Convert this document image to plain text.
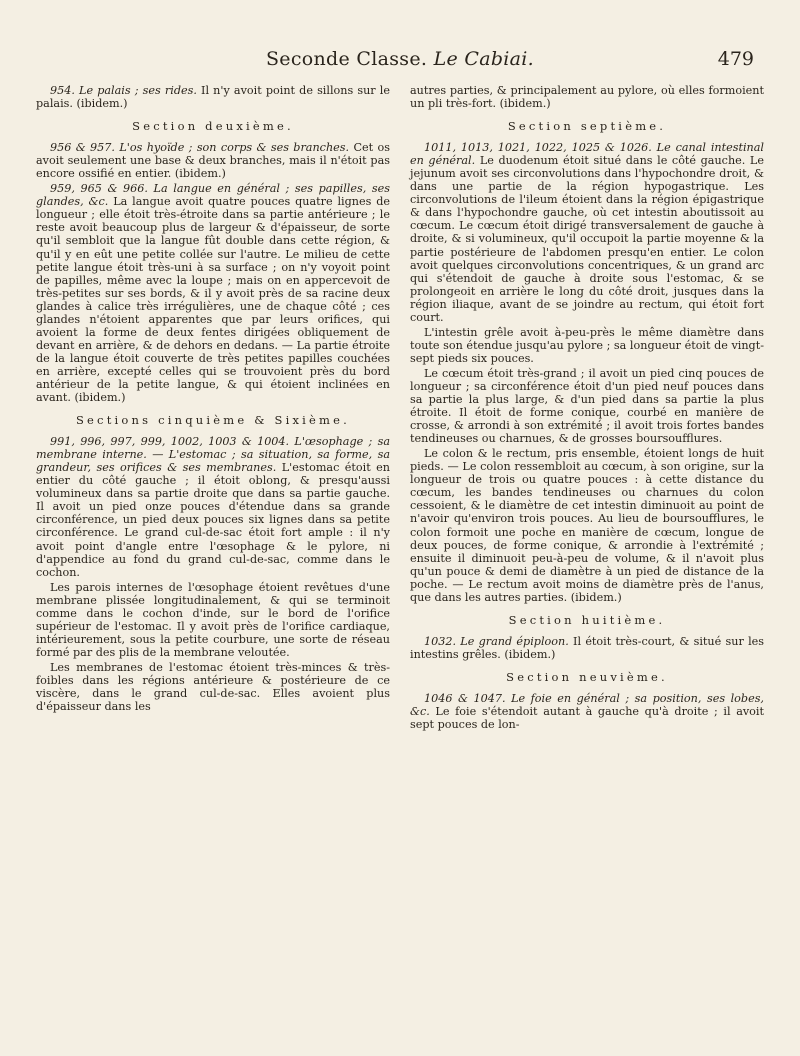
Seconde Classe. Le Cabiai.	479

954. Le palais ; ses rides. Il n'y avoit point de sillons sur le palais. (ibidem.)

Section deuxième.

956 & 957. L'os hyoïde ; son corps & ses branches. Cet os avoit seulement une base & deux branches, mais il n'étoit pas encore ossifié en entier. (ibidem.)

959, 965 & 966. La langue en général ; ses papilles, ses glandes, &c. La langue avoit quatre pouces quatre lignes de longueur ; elle étoit très-étroite dans sa partie antérieure ; le reste avoit beaucoup plus de largeur & d'épaisseur, de sorte qu'il sembloit que la langue fût double dans cette région, & qu'il y en eût une petite collée sur l'autre. Le milieu de cette petite langue étoit très-uni à sa surface ; on n'y voyoit point de papilles, même avec la loupe ; mais on en appercevoit de très-petites sur ses bords, & il y avoit près de sa racine deux glandes à calice très irrégulières, une de chaque côté ; ces glandes n'étoient apparentes que par leurs orifices, qui avoient la forme de deux fentes dirigées obliquement de devant en arrière, & de dehors en dedans. — La partie étroite de la langue étoit couverte de très petites papilles couchées en arrière, excepté celles qui se trouvoient près du bord antérieur de la petite langue, & qui étoient inclinées en avant. (ibidem.)

Sections cinquième & Sixième.

991, 996, 997, 999, 1002, 1003 & 1004. L'œsophage ; sa membrane interne. — L'estomac ; sa situation, sa forme, sa grandeur, ses orifices & ses membranes. L'estomac étoit en entier du côté gauche ; il étoit oblong, & presqu'aussi volumineux dans sa partie droite que dans sa partie gauche. Il avoit un pied onze pouces d'étendue dans sa grande circonférence, un pied deux pouces six lignes dans sa petite circonférence. Le grand cul-de-sac étoit fort ample : il n'y avoit point d'angle entre l'œsophage & le pylore, ni d'appendice au fond du grand cul-de-sac, comme dans le cochon.

Les parois internes de l'œsophage étoient revêtues d'une membrane plissée longitudinalement, & qui se terminoit comme dans le cochon d'inde, sur le bord de l'orifice supérieur de l'estomac. Il y avoit près de l'orifice cardiaque, intérieurement, sous la petite courbure, une sorte de réseau formé par des plis de la membrane veloutée.

Les membranes de l'estomac étoient très-minces & très-foibles dans les régions antérieure & postérieure de ce viscère, dans le grand cul-de-sac. Elles avoient plus d'épaisseur dans les

autres parties, & principalement au pylore, où elles formoient un pli très-fort. (ibidem.)

Section septième.

1011, 1013, 1021, 1022, 1025 & 1026. Le canal intestinal en général. Le duodenum étoit situé dans le côté gauche. Le jejunum avoit ses circonvolutions dans l'hypochondre droit, & dans une partie de la région hypogastrique. Les circonvolutions de l'ileum étoient dans la région épigastrique & dans l'hypochondre gauche, où cet intestin aboutissoit au cœcum. Le cœcum étoit dirigé transversalement de gauche à droite, & si volumineux, qu'il occupoit la partie moyenne & la partie postérieure de l'abdomen presqu'en entier. Le colon avoit quelques circonvolutions concentriques, & un grand arc qui s'étendoit de gauche à droite sous l'estomac, & se prolongeoit en arrière le long du côté droit, jusques dans la région iliaque, avant de se joindre au rectum, qui étoit fort court.

L'intestin grêle avoit à-peu-près le même diamètre dans toute son étendue jusqu'au pylore ; sa longueur étoit de vingt-sept pieds six pouces.

Le cœcum étoit très-grand ; il avoit un pied cinq pouces de longueur ; sa circonférence étoit d'un pied neuf pouces dans sa partie la plus large, & d'un pied dans sa partie la plus étroite. Il étoit de forme conique, courbé en manière de crosse, & arrondi à son extrémité ; il avoit trois fortes bandes tendineuses ou charnues, & de grosses boursoufflures.

Le colon & le rectum, pris ensemble, étoient longs de huit pieds. — Le colon ressembloit au cœcum, à son origine, sur la longueur de trois ou quatre pouces : à cette distance du cœcum, les bandes tendineuses ou charnues du colon cessoient, & le diamètre de cet intestin diminuoit au point de n'avoir qu'environ trois pouces. Au lieu de boursoufflures, le colon formoit une poche en manière de cœcum, longue de deux pouces, de forme conique, & arrondie à l'extrémité ; ensuite il diminuoit peu-à-peu de volume, & il n'avoit plus qu'un pouce & demi de diamètre à un pied de distance de la poche. — Le rectum avoit moins de diamètre près de l'anus, que dans les autres parties. (ibidem.)

Section huitième.

1032. Le grand épiploon. Il étoit très-court, & situé sur les intestins grêles. (ibidem.)

Section neuvième.

1046 & 1047. Le foie en général ; sa position, ses lobes, &c. Le foie s'étendoit autant à gauche qu'à droite ; il avoit sept pouces de lon-
